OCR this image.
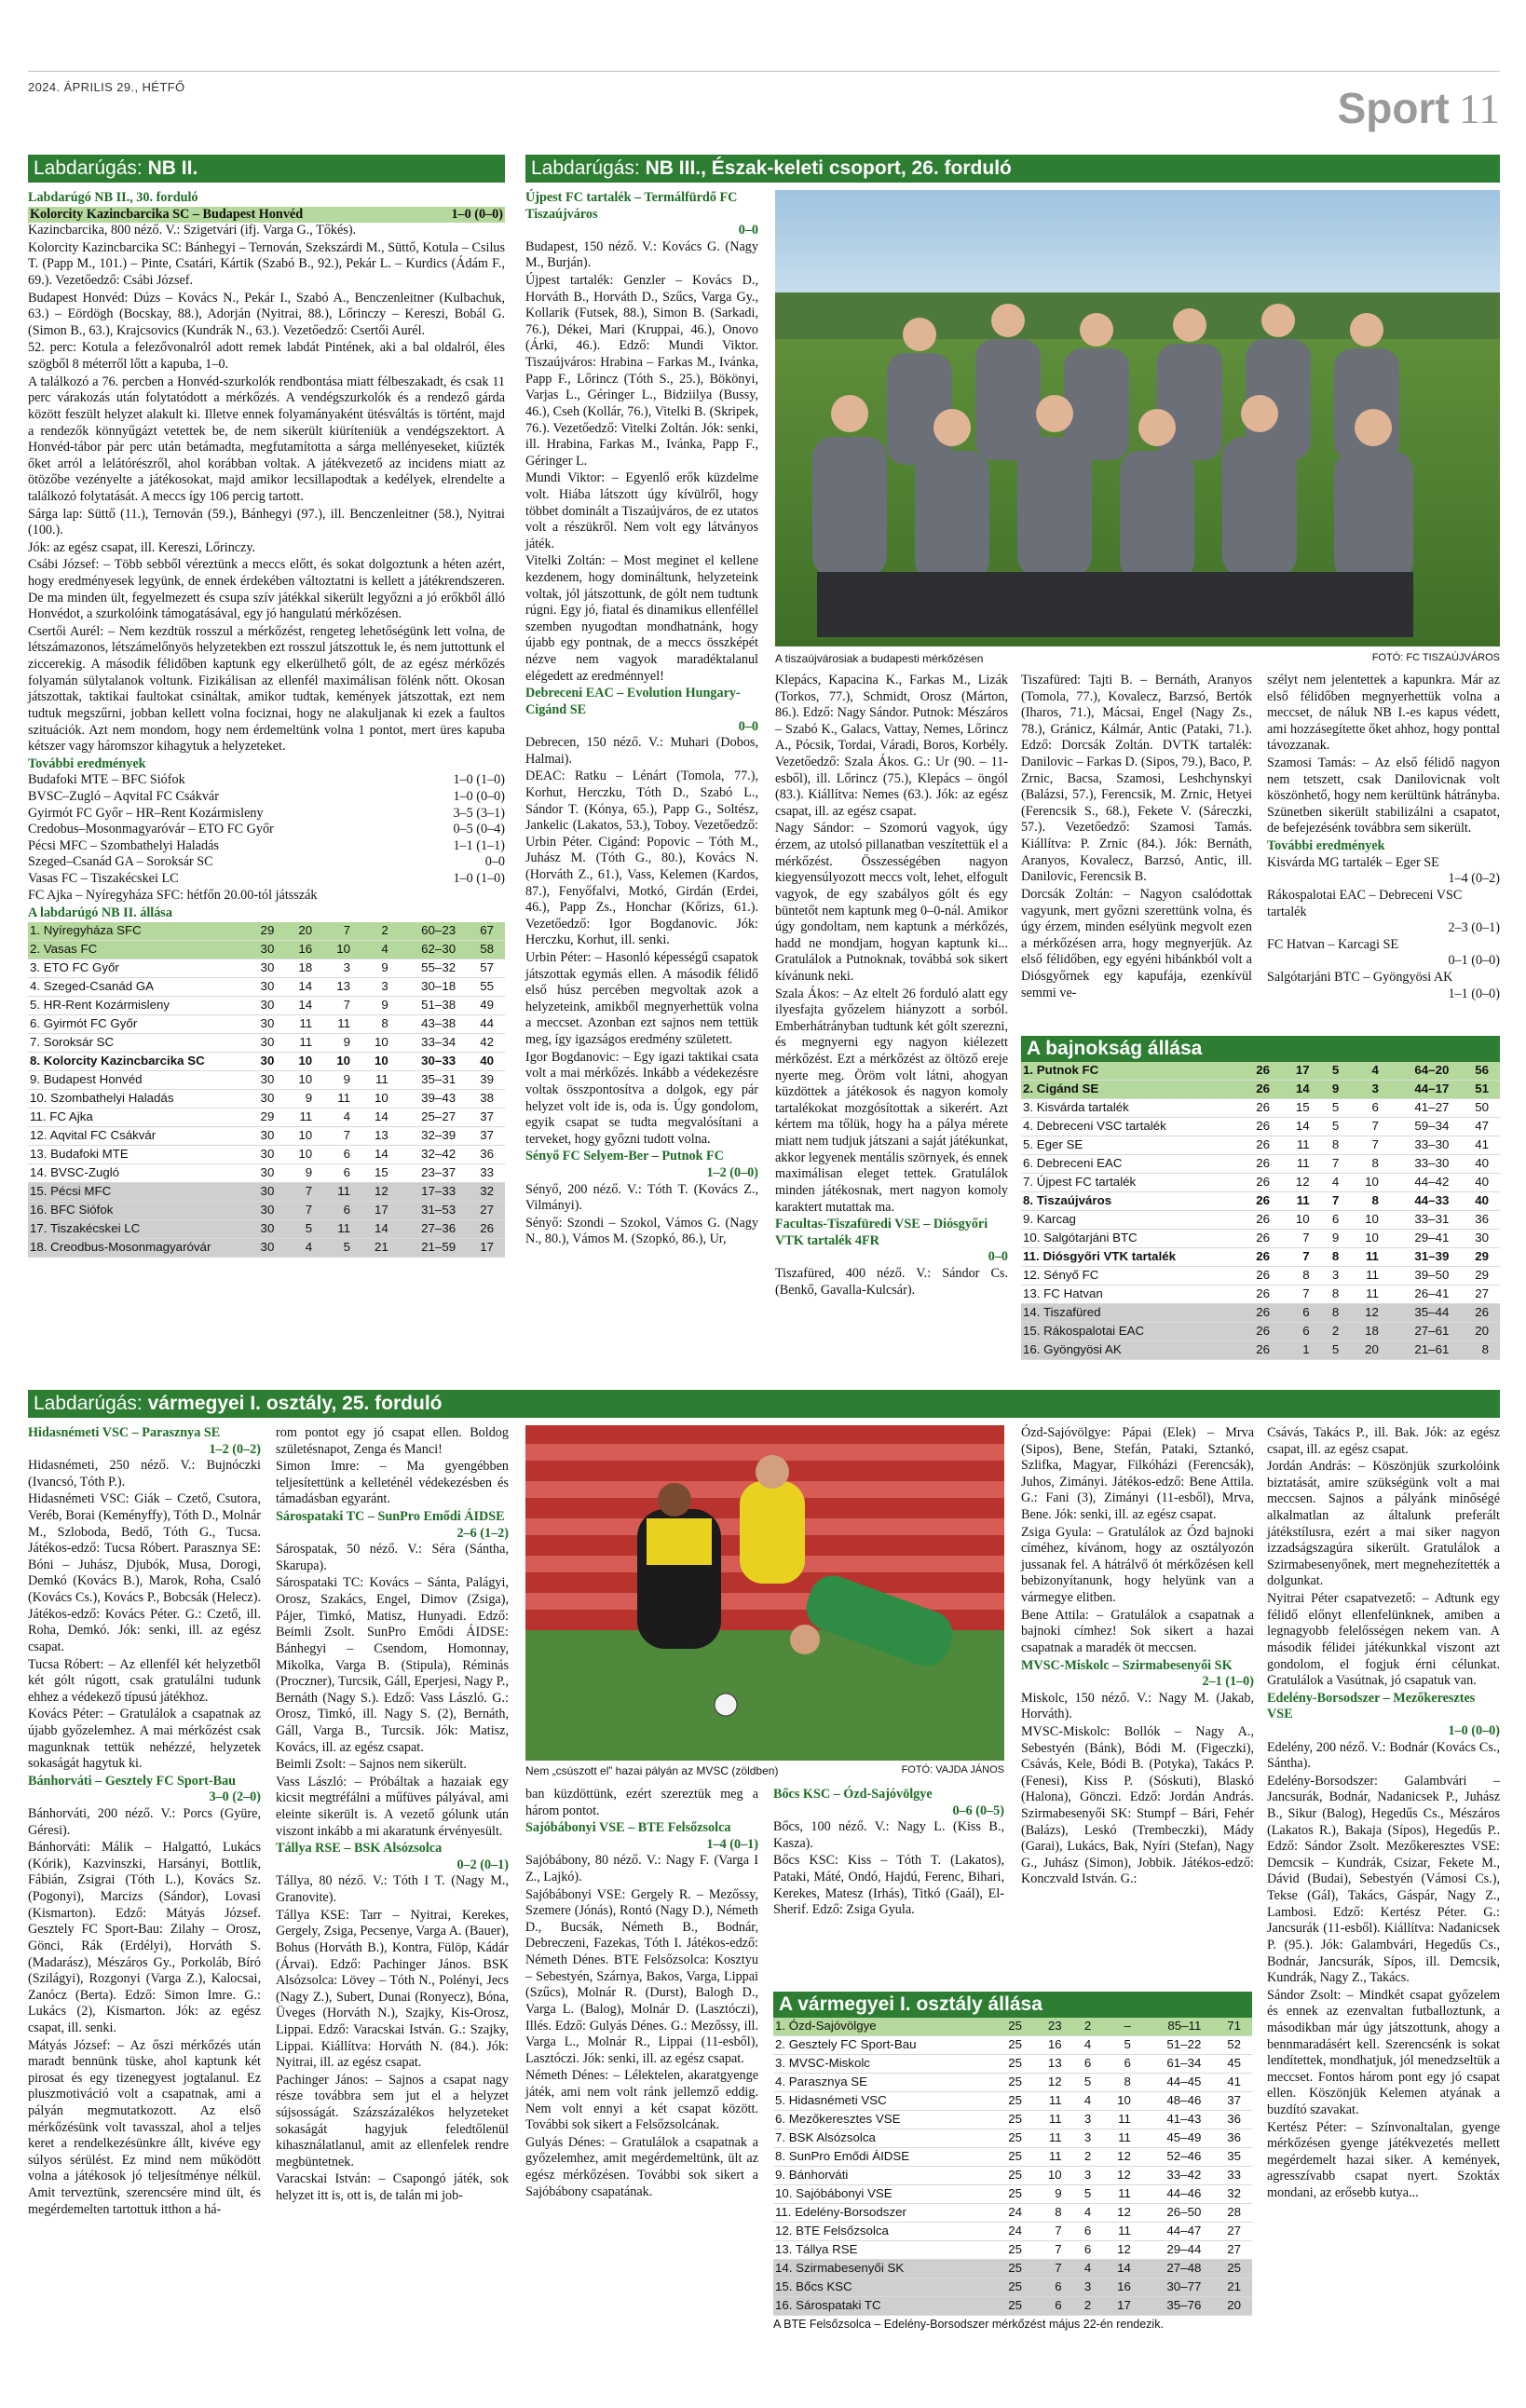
2024. ÁPRILIS 29., HÉTFŐ	Sport 11
Labdarúgás: NB II.
Labdarúgó NB II., 30. forduló
Kolorcity Kazincbarcika SC – Budapest Honvéd	1–0 (0–0)

Kazincbarcika, 800 néző. V.: Szigetvári (ifj. Varga G., Tőkés).

Kolorcity Kazincbarcika SC: Bánhegyi – Ternován, Szekszárdi M., Süttő, Kotula – Csilus T. (Papp M., 101.) – Pinte, Csatári, Kártik (Szabó B., 92.), Pekár L. – Kurdics (Ádám F., 69.). Vezetőedző: Csábi József.

Budapest Honvéd: Dúzs – Kovács N., Pekár I., Szabó A., Benczenleitner (Kulbachuk, 63.) – Eördögh (Bocskay, 88.), Adorján (Nyitrai, 88.), Lőrinczy – Kereszi, Bobál G. (Simon B., 63.), Krajcsovics (Kundrák N., 63.). Vezetőedző: Csertői Aurél.

52. perc: Kotula a felezővonalról adott remek labdát Pintének, aki a bal oldalról, éles szögből 8 méterről lőtt a kapuba, 1–0.

A találkozó a 76. percben a Honvéd-szurkolók rendbontása miatt félbeszakadt, és csak 11 perc várakozás után folytatódott a mérkőzés. A vendégszurkolók és a rendező gárda között feszült helyzet alakult ki. Illetve ennek folyamányaként ütésváltás is történt, majd a rendezők könnyűgázt vetettek be, de nem sikerült kiüríteniük a vendégszektort. A Honvéd-tábor pár perc után betámadta, megfutamította a sárga mellényeseket, kiűzték őket arról a lelátórészről, ahol korábban voltak. A játékvezető az incidens miatt az ötözőbe vezényelte a játékosokat, majd amikor lecsillapodtak a kedélyek, elrendelte a találkozó folytatását. A meccs így 106 percig tartott.

Sárga lap: Süttő (11.), Ternován (59.), Bánhegyi (97.), ill. Benczenleitner (58.), Nyitrai (100.).

Jók: az egész csapat, ill. Kereszi, Lőrinczy.

Csábi József: – Több sebből véreztünk a meccs előtt, és sokat dolgoztunk a héten azért, hogy eredményesek legyünk, de ennek érdekében változtatni is kellett a játékrendszeren. De ma minden ült, fegyelmezett és csupa szív játékkal sikerült legyőzni a jó erőkből álló Honvédot, a szurkolóink támogatásával, egy jó hangulatú mérkőzésen.

Csertői Aurél: – Nem kezdtük rosszul a mérkőzést, rengeteg lehetőségünk lett volna, de létszámazonos, létszámelőnyös helyzetekben ezt rosszul játszottuk le, és nem juttottunk el ziccerekig. A második félidőben kaptunk egy elkerülhető gólt, de az egész mérkőzés folyamán sülytalanok voltunk. Fizikálisan az ellenfél maximálisan fölénk nőtt. Okosan játszottak, taktikai faultokat csináltak, amikor tudtak, kemények játszottak, ezt nem tudtuk megszűrni, jobban kellett volna fociznai, hogy ne alakuljanak ki ezek a faultos szituációk. Azt nem mondom, hogy nem érdemeltünk volna 1 pontot, mert üres kapuba kétszer vagy háromszor kihagytuk a helyzeteket.

További eredmények
Budafoki MTE – BFC Siófok	1–0 (1–0)
BVSC–Zugló – Aqvital FC Csákvár	1–0 (0–0)
Gyirmót FC Győr – HR–Rent Kozármisleny	3–5 (3–1)
Credobus–Mosonmagyaróvár – ETO FC Győr	0–5 (0–4)
Pécsi MFC – Szombathelyi Haladás	1–1 (1–1)
Szeged–Csanád GA – Soroksár SC	0–0
Vasas FC – Tiszakécskei LC	1–0 (1–0)
FC Ajka – Nyíregyháza SFC: hétfőn 20.00-tól játsszák
A labdarúgó NB II. állása
1. Nyíregyháza SFC	29	20	7	2	60–23	67
2. Vasas FC	30	16	10	4	62–30	58
3. ETO FC Győr	30	18	3	9	55–32	57
4. Szeged-Csanád GA	30	14	13	3	30–18	55
5. HR-Rent Kozármisleny	30	14	7	9	51–38	49
6. Gyirmót FC Győr	30	11	11	8	43–38	44
7. Soroksár SC	30	11	9	10	33–34	42
8. Kolorcity Kazincbarcika SC	30	10	10	10	30–33	40
9. Budapest Honvéd	30	10	9	11	35–31	39
10. Szombathelyi Haladás	30	9	11	10	39–43	38
11. FC Ajka	29	11	4	14	25–27	37
12. Aqvital FC Csákvár	30	10	7	13	32–39	37
13. Budafoki MTE	30	10	6	14	32–42	36
14. BVSC-Zugló	30	9	6	15	23–37	33
15. Pécsi MFC	30	7	11	12	17–33	32
16. BFC Siófok	30	7	6	17	31–53	27
17. Tiszakécskei LC	30	5	11	14	27–36	26
18. Creodbus-Mosonmagyaróvár	30	4	5	21	21–59	17
Labdarúgás: NB III., Észak-keleti csoport, 26. forduló
Újpest FC tartalék – Termálfürdő FC Tiszaújváros
0–0

Budapest, 150 néző. V.: Kovács G. (Nagy M., Burján).

Újpest tartalék: Genzler – Kovács D., Horváth B., Horváth D., Szűcs, Varga Gy., Kollarik (Futsek, 88.), Simon B. (Sarkadi, 76.), Dékei, Mari (Kruppai, 46.), Onovo (Árki, 46.). Edző: Mundi Viktor. Tiszaújváros: Hrabina – Farkas M., Ivánka, Papp F., Lőrincz (Tóth S., 25.), Bökönyi, Varjas L., Géringer L., Bidziilya (Bussy, 46.), Cseh (Kollár, 76.), Vitelki B. (Skripek, 76.). Vezetőedző: Vitelki Zoltán. Jók: senki, ill. Hrabina, Farkas M., Ivánka, Papp F., Géringer L.

Mundi Viktor: – Egyenlő erők küzdelme volt. Hiába látszott úgy kívülről, hogy többet dominált a Tiszaújváros, de ez utatos volt a részükről. Nem volt egy látványos játék.

Vitelki Zoltán: – Most meginet el kellene kezdenem, hogy domináltunk, helyzeteink voltak, jól játszottunk, de gólt nem tudtunk rúgni. Egy jó, fiatal és dinamikus ellenféllel szemben nyugodtan mondhatnánk, hogy újabb egy pontnak, de a meccs összképét nézve nem vagyok maradéktalanul elégedett az eredménnyel!

Debreceni EAC – Evolution Hungary-Cigánd SE
0–0

Debrecen, 150 néző. V.: Muhari (Dobos, Halmai).

DEAC: Ratku – Lénárt (Tomola, 77.), Korhut, Herczku, Tóth D., Szabó L., Sándor T. (Kónya, 65.), Papp G., Soltész, Jankelic (Lakatos, 53.), Toboy. Vezetőedző: Urbin Péter. Cigánd: Popovic – Tóth M., Juhász M. (Tóth G., 80.), Kovács N. (Horváth Z., 61.), Vass, Kelemen (Kardos, 87.), Fenyőfalvi, Motkó, Girdán (Erdei, 46.), Papp Zs., Honchar (Kőrizs, 61.). Vezetőedző: Igor Bogdanovic. Jók: Herczku, Korhut, ill. senki.

Urbin Péter: – Hasonló képességű csapatok játszottak egymás ellen. A második félidő első húsz percében megvoltak azok a helyzeteink, amikből megnyerhettük volna a meccset. Azonban ezt sajnos nem tettük meg, így igazságos eredmény született.

Igor Bogdanovic: – Egy igazi taktikai csata volt a mai mérkőzés. Inkább a védekezésre voltak összpontosítva a dolgok, egy pár helyzet volt ide is, oda is. Úgy gondolom, egyik csapat se tudta megvalósítani a terveket, hogy győzni tudott volna.

Sényő FC Selyem-Ber – Putnok FC
1–2 (0–0)

Sényő, 200 néző. V.: Tóth T. (Kovács Z., Vilmányi).

Sényő: Szondi – Szokol, Vámos G. (Nagy N., 80.), Vámos M. (Szopkó, 86.), Ur,

A tiszaújvárosiak a budapesti mérkőzésen	FOTÓ: FC TISZAÚJVÁROS

Klepács, Kapacina K., Farkas M., Lizák (Torkos, 77.), Schmidt, Orosz (Márton, 86.). Edző: Nagy Sándor. Putnok: Mészáros – Szabó K., Galacs, Vattay, Nemes, Lőrincz A., Pócsik, Tordai, Váradi, Boros, Korbély. Vezetőedző: Szala Ákos. G.: Ur (90. – 11-esből), ill. Lőrincz (75.), Klepács – öngól (83.). Kiállítva: Nemes (63.). Jók: az egész csapat, ill. az egész csapat.

Nagy Sándor: – Szomorú vagyok, úgy érzem, az utolsó pillanatban veszítettük el a mérkőzést. Összességében nagyon kiegyensúlyozott meccs volt, lehet, elfogult vagyok, de egy szabályos gólt és egy büntetőt nem kaptunk meg 0–0-nál. Amikor úgy gondoltam, nem kaptunk a mérkőzés, hadd ne mondjam, hogyan kaptunk ki... Gratulálok a Putnoknak, továbbá sok sikert kívánunk neki.

Szala Ákos: – Az eltelt 26 forduló alatt egy ilyesfajta győzelem hiányzott a sorból. Emberhátrányban tudtunk két gólt szerezni, és megnyerni egy nagyon kiélezett mérkőzést. Ezt a mérkőzést az öltöző ereje nyerte meg. Öröm volt látni, ahogyan küzdöttek a játékosok és nagyon komoly tartalékokat mozgósítottak a sikerért. Azt kértem ma tőlük, hogy ha a pálya mérete miatt nem tudjuk játszani a saját játékunkat, akkor legyenek mentális szörnyek, és ennek maximálisan eleget tettek. Gratulálok minden játékosnak, mert nagyon komoly karaktert mutattak ma.

Facultas-Tiszafüredi VSE – Diósgyőri VTK tartalék 4FR
0–0

Tiszafüred, 400 néző. V.: Sándor Cs. (Benkő, Gavalla-Kulcsár).

Tiszafüred: Tajti B. – Bernáth, Aranyos (Tomola, 77.), Kovalecz, Barzsó, Bertók (Iharos, 71.), Mácsai, Engel (Nagy Zs., 78.), Gránicz, Kálmár, Antic (Pataki, 71.). Edző: Dorcsák Zoltán. DVTK tartalék: Danilovic – Farkas D. (Sipos, 79.), Baco, P. Zrnic, Bacsa, Szamosi, Leshchynskyi (Balázsi, 57.), Ferencsik, M. Zrnic, Hetyei (Ferencsik S., 68.), Fekete V. (Sáreczki, 57.). Vezetőedző: Szamosi Tamás. Kiállítva: P. Zrnic (84.). Jók: Bernáth, Aranyos, Kovalecz, Barzsó, Antic, ill. Danilovic, Ferencsik B.

Dorcsák Zoltán: – Nagyon csalódottak vagyunk, mert győzni szerettünk volna, és úgy érzem, minden esélyünk megvolt ezen a mérkőzésen arra, hogy megnyerjük. Az első félidőben, egy egyéni hibánkból volt a Diósgyőrnek egy kapufája, ezenkívül semmi ve-

szélyt nem jelentettek a kapunkra. Már az első félidőben megnyerhettük volna a meccset, de náluk NB I.-es kapus védett, ami hozzásegítette őket ahhoz, hogy ponttal távozzanak.

Szamosi Tamás: – Az első félidő nagyon nem tetszett, csak Danilovicnak volt köszönhető, hogy nem kerültünk hátrányba. Szünetben sikerült stabilizálni a csapatot, de befejezésénk továbbra sem sikerült.

További eredmények
Kisvárda MG tartalék – Eger SE
1–4 (0–2)
Rákospalotai EAC – Debreceni VSC tartalék
2–3 (0–1)
FC Hatvan – Karcagi SE
0–1 (0–0)
Salgótarjáni BTC – Gyöngyösi AK
1–1 (0–0)
A bajnokság állása
1. Putnok FC	26	17	5	4	64–20	56
2. Cigánd SE	26	14	9	3	44–17	51
3. Kisvárda tartalék	26	15	5	6	41–27	50
4. Debreceni VSC tartalék	26	14	5	7	59–34	47
5. Eger SE	26	11	8	7	33–30	41
6. Debreceni EAC	26	11	7	8	33–30	40
7. Újpest FC tartalék	26	12	4	10	44–42	40
8. Tiszaújváros	26	11	7	8	44–33	40
9. Karcag	26	10	6	10	33–31	36
10. Salgótarjáni BTC	26	7	9	10	29–41	30
11. Diósgyőri VTK tartalék	26	7	8	11	31–39	29
12. Sényő FC	26	8	3	11	39–50	29
13. FC Hatvan	26	7	8	11	26–41	27
14. Tiszafüred	26	6	8	12	35–44	26
15. Rákospalotai EAC	26	6	2	18	27–61	20
16. Gyöngyösi AK	26	1	5	20	21–61	8
Labdarúgás: vármegyei I. osztály, 25. forduló
Hidasnémeti VSC – Parasznya SE
1–2 (0–2)

Hidasnémeti, 250 néző. V.: Bujnóczki (Ivancsó, Tóth P.).

Hidasnémeti VSC: Giák – Czető, Csutora, Veréb, Borai (Keményffy), Tóth D., Molnár M., Szloboda, Bedő, Tóth G., Tucsa. Játékos-edző: Tucsa Róbert. Parasznya SE: Bóni – Juhász, Djubók, Musa, Dorogi, Demkó (Kovács B.), Marok, Roha, Csaló (Kovács Cs.), Kovács P., Bobcsák (Helecz). Játékos-edző: Kovács Péter. G.: Czető, ill. Roha, Demkó. Jók: senki, ill. az egész csapat.

Tucsa Róbert: – Az ellenfél két helyzetből két gólt rúgott, csak gratulálni tudunk ehhez a védekező típusú játékhoz.

Kovács Péter: – Gratulálok a csapatnak az újabb győzelemhez. A mai mérkőzést csak magunknak tettük nehézzé, helyzetek sokaságát hagytuk ki.

Bánhorváti – Gesztely FC Sport-Bau
3–0 (2–0)

Bánhorváti, 200 néző. V.: Porcs (Gyüre, Géresi).

Bánhorváti: Málik – Halgattó, Lukács (Kórik), Kazvinszki, Harsányi, Bottlik, Fábián, Zsigrai (Tóth L.), Kovács Sz. (Pogonyi), Marcizs (Sándor), Lovasi (Kismarton). Edző: Mátyás József. Gesztely FC Sport-Bau: Zilahy – Orosz, Gönci, Rák (Erdélyi), Horváth S. (Madarász), Mészáros Gy., Porkoláb, Bíró (Szilágyi), Rozgonyi (Varga Z.), Kalocsai, Zanócz (Berta). Edző: Simon Imre. G.: Lukács (2), Kismarton. Jók: az egész csapat, ill. senki.

Mátyás József: – Az őszi mérkőzés után maradt bennünk tüske, ahol kaptunk két pirosat és egy tizenegyest jogtalanul. Ez pluszmotiváció volt a csapatnak, ami a pályán megmutatkozott. Az első mérkőzésünk volt tavasszal, ahol a teljes keret a rendelkezésünkre állt, kivéve egy súlyos sérülést. Ez mind nem működött volna a játékosok jó teljesítménye nélkül. Amit terveztünk, szerencsére mind ült, és megérdemelten tartottuk itthon a há-

rom pontot egy jó csapat ellen. Boldog születésnapot, Zenga és Manci!

Simon Imre: – Ma gyengébben teljesítettünk a kelleténél védekezésben és támadásban egyaránt.

Sárospataki TC – SunPro Emődi ÁIDSE
2–6 (1–2)

Sárospatak, 50 néző. V.: Séra (Sántha, Skarupa).

Sárospataki TC: Kovács – Sánta, Palágyi, Orosz, Szakács, Engel, Dimov (Zsiga), Pájer, Timkó, Matisz, Hunyadi. Edző: Beimli Zsolt. SunPro Emődi ÁIDSE: Bánhegyi – Csendom, Homonnay, Mikolka, Varga B. (Stipula), Réminás (Proczner), Turcsik, Gáll, Eperjesi, Nagy P., Bernáth (Nagy S.). Edző: Vass László. G.: Orosz, Timkó, ill. Nagy S. (2), Bernáth, Gáll, Varga B., Turcsik. Jók: Matisz, Kovács, ill. az egész csapat.

Beimli Zsolt: – Sajnos nem sikerült.

Vass László: – Próbáltak a hazaiak egy kicsit megtréfálni a műfüves pályával, ami eleinte sikerült is. A vezető gólunk után viszont inkább a mi akaratunk érvényesült.

Tállya RSE – BSK Alsózsolca
0–2 (0–1)

Tállya, 80 néző. V.: Tóth I T. (Nagy M., Granovite).

Tállya KSE: Tarr – Nyitrai, Kerekes, Gergely, Zsiga, Pecsenye, Varga A. (Bauer), Bohus (Horváth B.), Kontra, Fülöp, Kádár (Árvai). Edző: Pachinger János. BSK Alsózsolca: Lövey – Tóth N., Polényi, Jecs (Nagy Z.), Subert, Dunai (Ronyecz), Bóna, Üveges (Horváth N.), Szajky, Kis-Orosz, Lippai. Edző: Varacskai István. G.: Szajky, Lippai. Kiállítva: Horváth N. (84.). Jók: Nyitrai, ill. az egész csapat.

Pachinger János: – Sajnos a csapat nagy része továbbra sem jut el a helyzet sújsosságát. Százszázalékos helyzeteket sokaságát hagyjuk feledtőlenül kihasználatlanul, amit az ellenfelek rendre megbüntetnek.

Varacskai István: – Csapongó játék, sok helyzet itt is, ott is, de talán mi job-

Nem „csúszott el” hazai pályán az MVSC (zöldben)	FOTÓ: VAJDA JÁNOS

ban küzdöttünk, ezért szereztük meg a három pontot.

Sajóbábonyi VSE – BTE Felsőzsolca
1–4 (0–1)

Sajóbábony, 80 néző. V.: Nagy F. (Varga I Z., Lajkó).

Sajóbábonyi VSE: Gergely R. – Mezőssy, Szemere (Jónás), Rontó (Nagy D.), Németh D., Bucsák, Németh B., Bodnár, Debreczeni, Fazekas, Tóth I. Játékos-edző: Németh Dénes. BTE Felsőzsolca: Kosztyu – Sebestyén, Szárnya, Bakos, Varga, Lippai (Szűcs), Molnár R. (Durst), Balogh D., Varga L. (Balog), Molnár D. (Lasztóczi), Illés. Edző: Gulyás Dénes. G.: Mezőssy, ill. Varga L., Molnár R., Lippai (11-esből), Lasztóczi. Jók: senki, ill. az egész csapat.

Németh Dénes: – Lélektelen, akaratgyenge játék, ami nem volt ránk jellemző eddig. Nem volt ennyi a két csapat között. További sok sikert a Felsőzsolcának.

Gulyás Dénes: – Gratulálok a csapatnak a győzelemhez, amit megérdemeltünk, ült az egész mérkőzésen. További sok sikert a Sajóbábony csapatának.

Bőcs KSC – Ózd-Sajóvölgye
0–6 (0–5)

Bőcs, 100 néző. V.: Nagy L. (Kiss B., Kasza).

Bőcs KSC: Kiss – Tóth T. (Lakatos), Pataki, Máté, Ondó, Hajdú, Ferenc, Bihari, Kerekes, Matesz (Irhás), Titkó (Gaál), El-Sherif. Edző: Zsiga Gyula.

A vármegyei I. osztály állása
1. Ózd-Sajóvölgye	25	23	2	–	85–11	71
2. Gesztely FC Sport-Bau	25	16	4	5	51–22	52
3. MVSC-Miskolc	25	13	6	6	61–34	45
4. Parasznya SE	25	12	5	8	44–45	41
5. Hidasnémeti VSC	25	11	4	10	48–46	37
6. Mezőkeresztes VSE	25	11	3	11	41–43	36
7. BSK Alsózsolca	25	11	3	11	45–49	36
8. SunPro Emődi ÁIDSE	25	11	2	12	52–46	35
9. Bánhorváti	25	10	3	12	33–42	33
10. Sajóbábonyi VSE	25	9	5	11	44–46	32
11. Edelény-Borsodszer	24	8	4	12	26–50	28
12. BTE Felsőzsolca	24	7	6	11	44–47	27
13. Tállya RSE	25	7	6	12	29–44	27
14. Szirmabesenyői SK	25	7	4	14	27–48	25
15. Bőcs KSC	25	6	3	16	30–77	21
16. Sárospataki TC	25	6	2	17	35–76	20
A BTE Felsőzsolca – Edelény-Borsodszer mérkőzést május 22-én rendezik.

Ózd-Sajóvölgye: Pápai (Elek) – Mrva (Sipos), Bene, Stefán, Pataki, Sztankó, Szlifka, Magyar, Filkóházi (Ferencsák), Juhos, Zimányi. Játékos-edző: Bene Attila. G.: Fani (3), Zimányi (11-esből), Mrva, Bene. Jók: senki, ill. az egész csapat.

Zsiga Gyula: – Gratulálok az Ózd bajnoki címéhez, kívánom, hogy az osztályozón jussanak fel. A hátrálvő ót mérkőzésen kell bebizonyítanunk, hogy helyünk van a vármegye elitben.

Bene Attila: – Gratulálok a csapatnak a bajnoki címhez! Sok sikert a hazai csapatnak a maradék öt meccsen.

MVSC-Miskolc – Szirmabesenyői SK
2–1 (1–0)

Miskolc, 150 néző. V.: Nagy M. (Jakab, Horváth).

MVSC-Miskolc: Bollók – Nagy A., Sebestyén (Bánk), Bódi M. (Figeczki), Csávás, Kele, Bódi B. (Potyka), Takács P. (Fenesi), Kiss P. (Sóskuti), Blaskó (Halona), Gönczi. Edző: Jordán András. Szirmabesenyői SK: Stumpf – Bári, Fehér (Balázs), Leskó (Trembeczki), Mády (Garai), Lukács, Bak, Nyíri (Stefan), Nagy G., Juhász (Simon), Jobbik. Játékos-edző: Konczvald István. G.:

Csávás, Takács P., ill. Bak. Jók: az egész csapat, ill. az egész csapat.

Jordán András: – Köszönjük szurkolóink biztatását, amire szükségünk volt a mai meccsen. Sajnos a pályánk minőségé alkalmatlan az általunk preferált játékstílusra, ezért a mai siker nagyon izzadságszagúra sikerült. Gratulálok a Szirmabesenyőnek, mert megnehezítették a dolgunkat.

Nyitrai Péter csapatvezető: – Adtunk egy félidő előnyt ellenfelünknek, amiben a legnagyobb felelősségen nekem van. A második félidei játékunkkal viszont azt gondolom, el fogjuk érni célunkat. Gratulálok a Vasútnak, jó csapatuk van.

Edelény-Borsodszer – Mezőkeresztes VSE
1–0 (0–0)

Edelény, 200 néző. V.: Bodnár (Kovács Cs., Sántha).

Edelény-Borsodszer: Galambvári – Jancsurák, Bodnár, Nadanicsek P., Juhász B., Sikur (Balog), Hegedűs Cs., Mészáros (Lakatos R.), Bakaja (Sípos), Hegedűs P.. Edző: Sándor Zsolt. Mezőkeresztes VSE: Demcsik – Kundrák, Csizar, Fekete M., Dávid (Budai), Sebestyén (Vámosi Cs.), Tekse (Gál), Takács, Gáspár, Nagy Z., Lambosi. Edző: Kertész Péter. G.: Jancsurák (11-esből). Kiállítva: Nadanicsek P. (95.). Jók: Galambvári, Hegedűs Cs., Bodnár, Jancsurák, Sípos, ill. Demcsik, Kundrák, Nagy Z., Takács.

Sándor Zsolt: – Mindkét csapat győzelem és ennek az ezenvaltan futballoztunk, a másodikban már úgy játszottunk, ahogy a bennmaradásért kell. Szerencsénk is sokat lendítettek, mondhatjuk, jól menedzseltük a meccset. Fontos három pont egy jó csapat ellen. Köszönjük Kelemen atyának a buzdító szavakat.

Kertész Péter: – Színvonaltalan, gyenge mérkőzésen gyenge játékvezetés mellett megérdemelt hazai siker. A kemények, agresszívabb csapat nyert. Szoktáx mondani, az erősebb kutya...
